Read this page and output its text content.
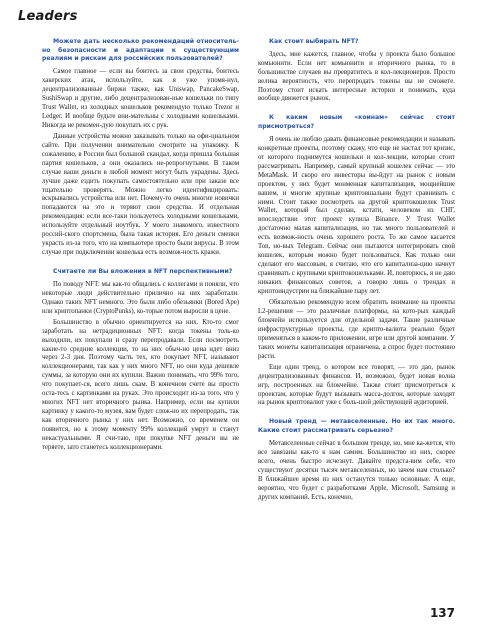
Leaders

Можете дать несколько рекомендаций относитель-но безопасности и адаптации к существующим реалиям и рискам для российских пользователей?

Самое главное — если вы боитесь за свои средства, боитесь хакерских атак, используйте, как я уже упомя-нул, децентрализованные биржи также, как Uniswap, PancakeSwap, SushiSwap и другие, либо децентрализован-ные кошельки по типу Trust Wallet, из холодных кошельков рекомендую только Trezor и Ledger. И вообще будьте вни-мательны с холодными кошельками. Никогда не рекомен-дую покупать их с рук.

Данные устройства можно заказывать только на офи-циальном сайте. При получении внимательно смотрите на упаковку. К сожалению, в России был большой скандал, когда пришла большая партия кошельков, а они оказались не-репрогнутыми. В таком случае ваши деньги в любой момент могут быть украдены. Здесь лучше даже ездить покупать самостоятельно или при заказе все тщательно проверять. Можно легко идентифицировать: вскрывались устройства или нет. Почему-то очень многие новички попадаются на это и теряют свои средства. И отдельная рекомендация: если все-таки пользуетесь холодными кошельками, используйте отдельный ноутбук. У моего знакомого, известного россий-ского спортсмена, была такая история. Его деньги сменки украсть из-за того, что на компьютере просто были вирусы. В этом случае при подключении кошелька есть возмож-ность кражи.

Считаете ли Вы вложения в NFT перспективными?

По поводу NFT: мы как-то общались с коллегами и поняли, что некоторые люди действительно прилично на них заработали. Однако таких NFT немного. Это были либо обезьянки (Bored Ape) или криптопанки (CryptoPunks), ко-торые потом выросли в цене.

Большинство в обычно ориентируется на них. Кто-то смог заработать на нетрадиционных NFT: когда токены толь-ко выходили, их покупали и сразу перепродавали. Если посмотреть какие-то средние коллекции, то на них обыч-но цена идет вниз через 2-3 дня. Поэтому часть тех, кто покупает NFT, называют коллекционерами, так как у них много NFT, но они куда дешевле суммы, за которую они их купили. Важно понимать, что 99% того, что покупает-ся, всего лишь скам. В конечном счете вы просто оста-тесь с картинками на руках. Это происходит из-за того, что у многих NFT нет вторичного рынка. Например, если вы купили картинку у какого-то музея, вам будет слож-но их перепродать, так как вторичного рынка у них нет. Возможно, со временем он появится, но к этому моменту 99% коллекций умрут и станут некастуальными. Я счи-таю, при покупке NFT деньги вы не теряете, зато станетесь коллекционерами.

Как стоит выбирать NFT?

Здесь, мне кажется, главное, чтобы у проекта было большое комьюнити. Если нет комьюнити и вторичного рынка, то в большинстве случаев вы превратитесь в кол-лекционеров. Просто велика вероятность, что перепродать токены вы не сможете. Поэтому стоит искать интересные истории и понимать, куда вообще движется рынок.

К каким новым «коинам» сейчас стоит присмотреться?

Я очень не люблю давать финансовые рекомендации и называть конкретные проекты, поэтому скажу, что еще не настал тот кризис, от которого поднимутся кошельки и кол-лекции, которые стоит рассматривать. Например, самый крупный кошелек сейчас — это MetaMask. И скоро его инвесторы вы-йдут на рынок с новым проектом, у них будет монменная капитализация, мощнейшие вашем, и многие крупные криптовшалыни будут сравнивать с ними. Стоит также посмотреть на другой криптокошелек Trust Wallet, который был сделан, кстати, человеком из СНГ, впоследствии этот проект купила Binance. У Trust Wallet достаточно малая капитализация, но так много пользователей и есть возмож-ность очень хорошего роста. То же самое касается Ton, но-вых Telegram. Сейчас они пытаются интегрировать свой кошелек, которым можно будет пользоваться. Как только они сделают его массовым, я считаю, что его капитализа-цию начнут сравнивать с крупными криптокошельками. И, повторюсь, я не даю никаких финансовых советов, а говорю лишь о трендах и криптоиндустрии на ближайшие пару лет.

Обязательно рекомендую всем обратить внимание на проекты L2-решения — это различные платформы, на кото-рых каждый блокчейн используется для отдельной задачи. Такие различные инфраструктурные проекты, где крипто-валюта реально будет применяться в каком-то приложении, игре или другой компании. У таких монеты капитализация ограничена, а спрос будет постоянно расти.

Еще один тренд, о котором все говорят, — это дао, рынок децентрализованных финансов. И, возможно, будет новая волна игр, построенных на блокчейне. Также стоит присмотреться к проектам, которые будут вызывать масса-долгон, которые заходят на рынок криптовалют уже с боль-шой действующей аудиторией.

Новый тренд — метавселенные. Но их так много. Какие стоит рассматривать серьезно?

Метавселенные сейчас в большом тренде, но, мне ка-жется, что все завязаны как-то к нам самим. Большинство из них, скорее всего, очень быстро исчезнут. Давайте предста-вим себе, что существуют десятки тысяч метавселенных, но зачем нам столько? В ближайшее время из них останутся только основные. А еще, вероятно, что будет с разработками Apple, Microsoft, Samsung и других компаний. Есть, конечно,

137
